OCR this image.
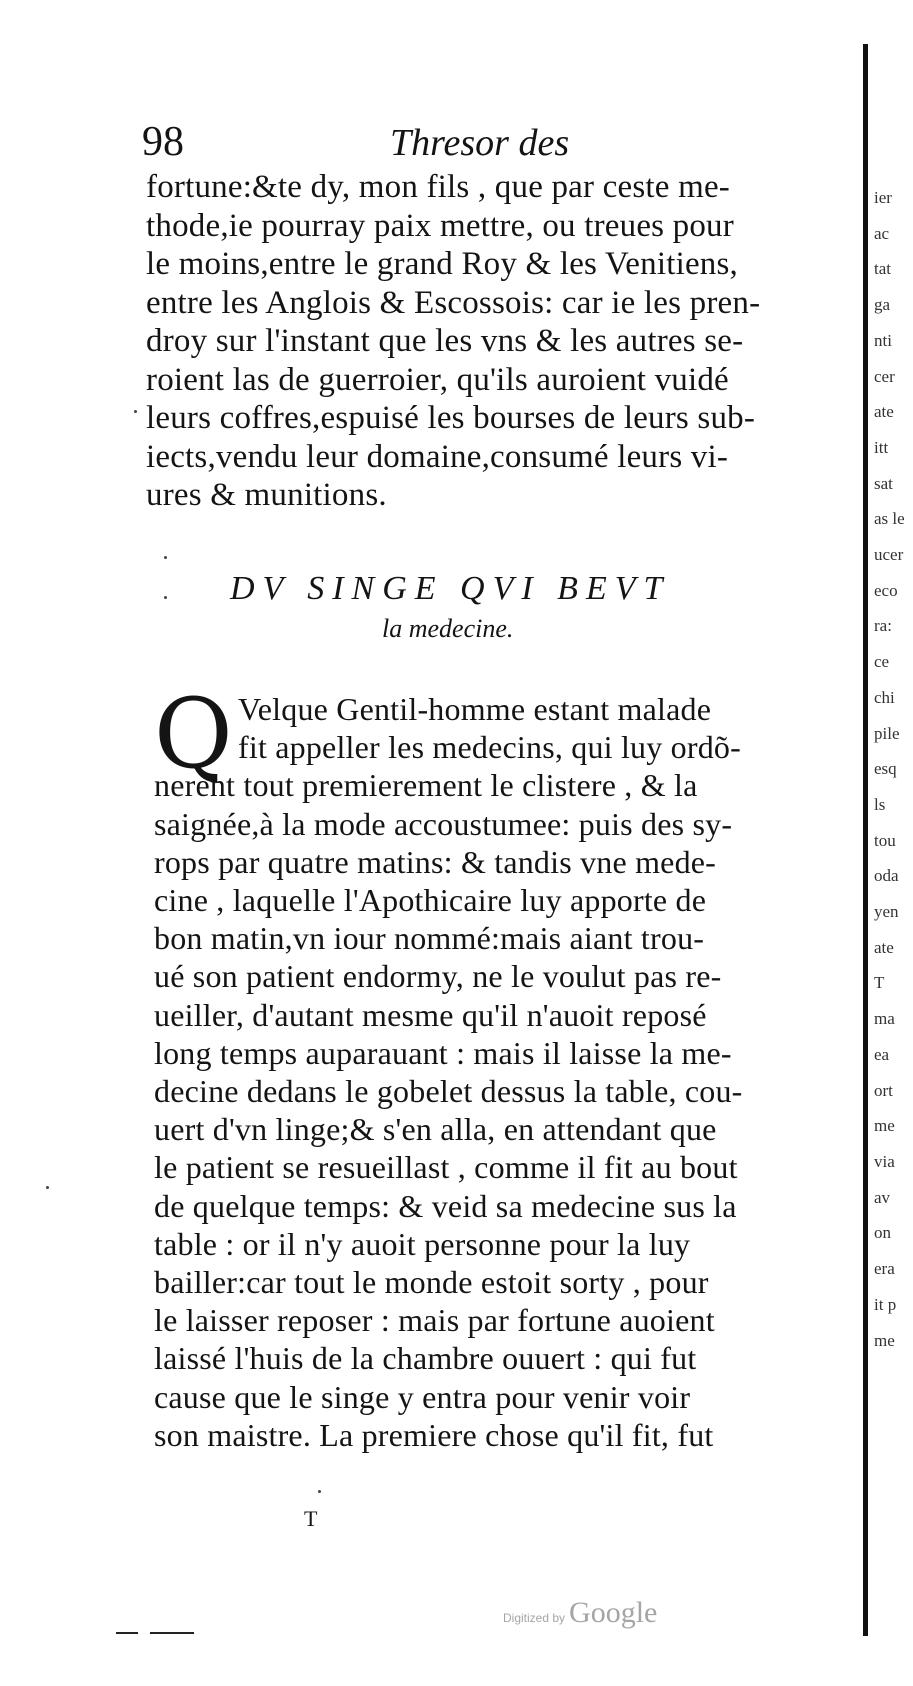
98	Thresor des
fortune:&te dy, mon fils , que par ceste me-
thode,ie pourray paix mettre, ou treues pour
le moins,entre le grand Roy & les Venitiens,
entre les Anglois & Escossois: car ie les pren-
droy sur l'instant que les vns & les autres se-
roient las de guerroier, qu'ils auroient vuidé
leurs coffres,espuisé les bourses de leurs sub-
iects,vendu leur domaine,consumé leurs vi-
ures & munitions.
DV SINGE QVI BEVT
la medecine.
Q Velque Gentil-homme estant malade
fit appeller les medecins, qui luy ordõ-
nerent tout premierement le clistere , & la
saignée,à la mode accoustumee: puis des sy-
rops par quatre matins: & tandis vne mede-
cine , laquelle l'Apothicaire luy apporte de
bon matin,vn iour nommé:mais aiant trou-
ué son patient endormy, ne le voulut pas re-
ueiller, d'autant mesme qu'il n'auoit reposé
long temps auparauant : mais il laisse la me-
decine dedans le gobelet dessus la table, cou-
uert d'vn linge;& s'en alla, en attendant que
le patient se resueillast , comme il fit au bout
de quelque temps: & veid sa medecine sus la
table : or il n'y auoit personne pour la luy
bailler:car tout le monde estoit sorty , pour
le laisser reposer : mais par fortune auoient
laissé l'huis de la chambre ouuert : qui fut
cause que le singe y entra pour venir voir
son maistre. La premiere chose qu'il fit, fut
T
ier
ac
tat
ga
nti
cer
ate
itt
sat
as le
ucer
eco
ra:
ce
chi
pile
esq
ls
tou
oda
yen
ate
T
ma
ea
ort
me
via
av
on
era
it p
me
Digitized by Google
